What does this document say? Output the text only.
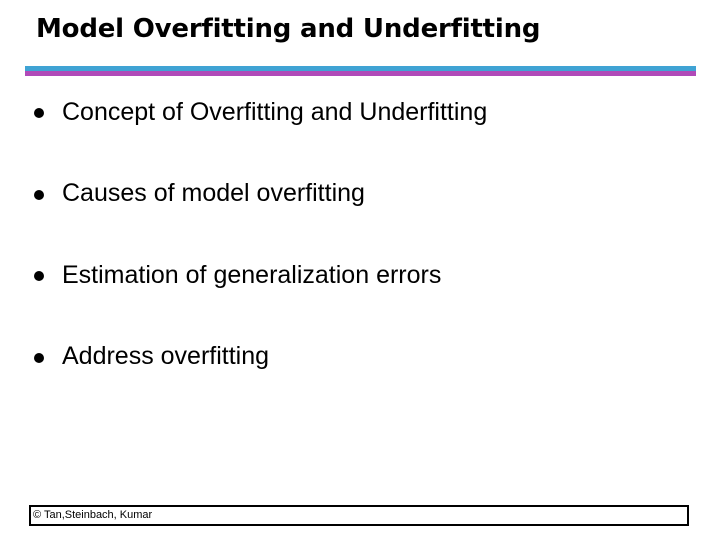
Model Overfitting and Underfitting
Concept of Overfitting and Underfitting
Causes of model overfitting
Estimation of generalization errors
Address overfitting
© Tan,Steinbach, Kumar
